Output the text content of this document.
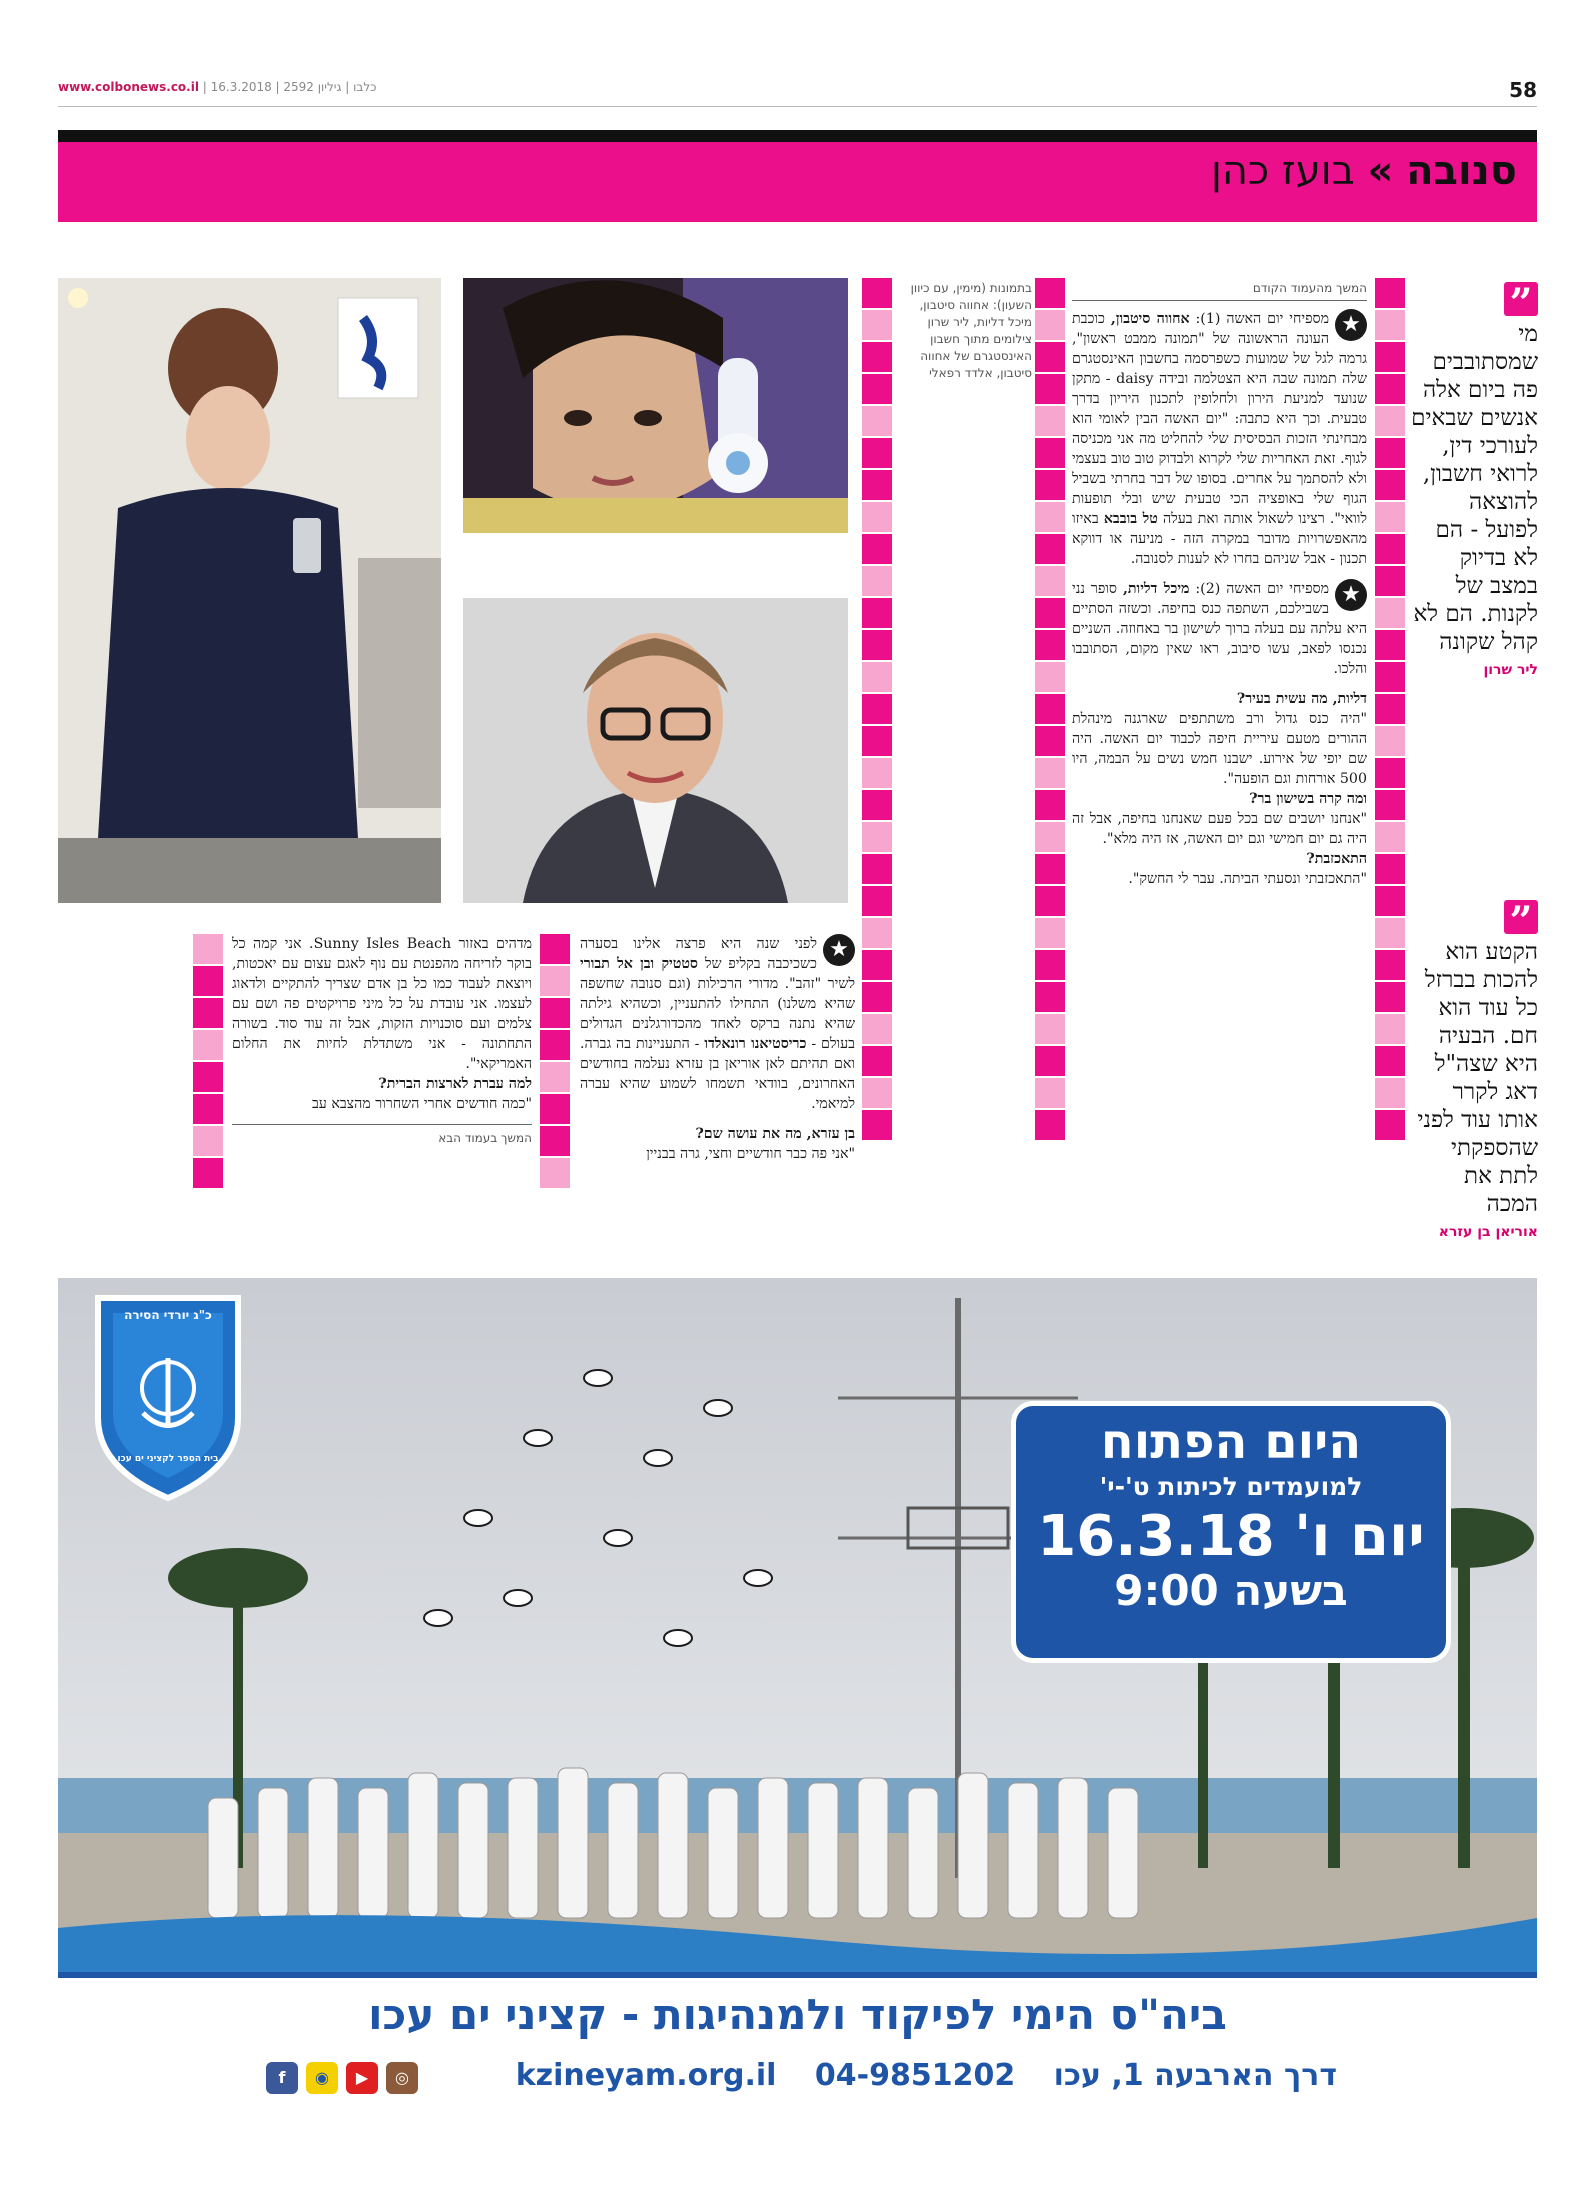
www.colbonews.co.il | כלבו | גיליון 2592 | 16.3.2018	58
סנובה » בועז כהן
”
מי שמסתובבים פה ביום אלה אנשים שבאים לעורכי דין, לרואי חשבון, להוצאה לפועל - הם לא בדיוק במצב של לקנות. הם לא קהל שקונה
ליר שרון
”
הקטע הוא להכות בברזל כל עוד הוא חם. הבעיה היא שצה"ל דאג לקרר אותו עוד לפני שהספקתי לתת את המכה
אוריאן בן עזרא
המשך מהעמוד הקודם
★
מספיחי יום האשה (1): אחווה סיטבון, כוכבת העונה הראשונה של "תמונה ממבט ראשון", גרמה לגל של שמועות כשפרסמה בחשבון האינסטגרם שלה תמונה שבה היא הצטלמה ובידה daisy - מתקן שנועד למניעת הירון ולחלופין לתכנון היריון בדרך טבעית. וכך היא כתבה: "יום האשה הבין לאומי הוא מבחינתי הזכות הבסיסית שלי להחליט מה אני מכניסה לגוף. זאת האחריות שלי לקרוא ולבדוק טוב טוב בעצמי ולא להסתמך על אחרים. בסופו של דבר בחרתי בשביל הגוף שלי באופציה הכי טבעית שיש ובלי תופעות לוואי". רצינו לשאול אותה ואת בעלה טל בובבא באיזו מהאפשרויות מדובר במקרה הזה - מניעה או דווקא תכנון - אבל שניהם בחרו לא לענות לסנובה.
★
מספיחי יום האשה (2): מיכל דליות, סופר נני בשבילכם, השתפה כנס בחיפה. וכשזה הסתיים היא עלתה עם בעלה ברוך לשישון בר באחוזה. השניים נכנסו לפאב, עשו סיבוב, ראו שאין מקום, הסתובבו והלכו.
דליות, מה עשית בעיר?
"היה כנס גדול ורב משתתפים שארגנה מינהלת ההורים מטעם עיריית חיפה לכבוד יום האשה. היה שם יופי של אירוע. ישבנו חמש נשים על הבמה, היו 500 אורחות וגם הופעה".
ומה קרה בשישון בר?
"אנחנו יושבים שם בכל פעם שאנחנו בחיפה, אבל זה היה גם יום חמישי וגם יום האשה, אז היה מלא".
התאכזבת?
"התאכזבתי ונסעתי הביתה. עבר לי החשק".
בתמונות (מימין, עם כיוון השעון): אחווה סיטבון, מיכל דליות, ליר שרון צילומים מתוך חשבון האינסטגרם של אחווה סיטבון, אלדד רפאלי
★
לפני שנה היא פרצה אלינו בסערה כשכיכבה בקליפ של סטטיק ובן אל תבורי לשיר "זהב". מדורי הרכילות (וגם סנובה שחשפה שהיא משלנו) התחילו להתעניין, וכשהיא גילתה שהיא נתנה ברקס לאחד מהכדורגלנים הגדולים בעולם - כריסטיאנו רונאלדו - התעניינות בה גברה. ואם תהיתם לאן אוריאן בן עזרא נעלמה בחודשים האחרונים, בוודאי תשמחו לשמוע שהיא עברה למיאמי.
בן עזרא, מה את עושה שם?
"אני פה כבר חודשיים וחצי, גרה בבניין
מדהים באזור Sunny Isles Beach. אני קמה כל בוקר לזריחה מהפנטת עם נוף לאגם עצום עם יאכטות, ויוצאת לעבוד כמו כל בן אדם שצריך להתקיים ולדאוג לעצמו. אני עובדת על כל מיני פרויקטים פה ושם עם צלמים ועם סוכנויות הזקות, אבל זה עוד סוד. בשורה התחתונה - אני משתדלת לחיות את החלום האמריקאי".
למה עברת לארצות הברית?
"כמה חודשים אחרי השחרור מהצבא עב
המשך בעמוד הבא
כ"ג יורדי הסירה
בית הספר לקציני ים עכו	היום הפתוח
למועמדים לכיתות ט'-י'
יום ו' 16.3.18
בשעה 9:00
ביה"ס הימי לפיקוד ולמנהיגות - קציני ים עכו
דרך הארבעה 1, עכו 04-9851202 kzineyam.org.il
f	◉	▶	◎
